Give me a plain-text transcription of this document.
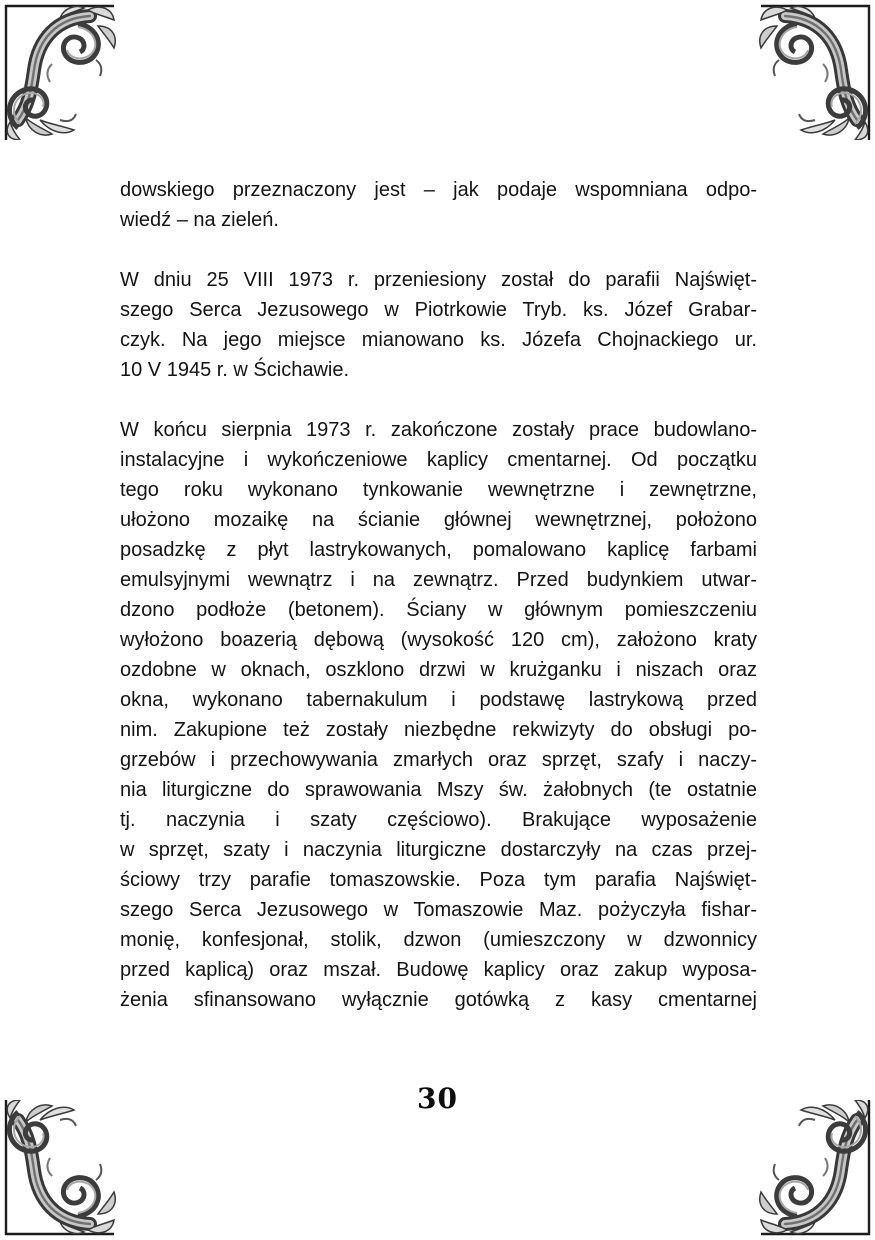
dowskiego przeznaczony jest – jak podaje wspomniana odpo-
wiedź – na zieleń.
W dniu 25 VIII 1973 r. przeniesiony został do parafii Najświęt-
szego Serca Jezusowego w Piotrkowie Tryb. ks. Józef Grabar-
czyk. Na jego miejsce mianowano ks. Józefa Chojnackiego ur.
10 V 1945 r. w Ścichawie.
W końcu sierpnia 1973 r. zakończone zostały prace budowlano-
instalacyjne i wykończeniowe kaplicy cmentarnej. Od początku
tego roku wykonano tynkowanie wewnętrzne i zewnętrzne,
ułożono mozaikę na ścianie głównej wewnętrznej, położono
posadzkę z płyt lastrykowanych, pomalowano kaplicę farbami
emulsyjnymi wewnątrz i na zewnątrz. Przed budynkiem utwar-
dzono podłoże (betonem). Ściany w głównym pomieszczeniu
wyłożono boazerią dębową (wysokość 120 cm), założono kraty
ozdobne w oknach, oszklono drzwi w krużganku i niszach oraz
okna, wykonano tabernakulum i podstawę lastrykową przed
nim. Zakupione też zostały niezbędne rekwizyty do obsługi po-
grzebów i przechowywania zmarłych oraz sprzęt, szafy i naczy-
nia liturgiczne do sprawowania Mszy św. żałobnych (te ostatnie
tj. naczynia i szaty częściowo). Brakujące wyposażenie
w sprzęt, szaty i naczynia liturgiczne dostarczyły na czas przej-
ściowy trzy parafie tomaszowskie. Poza tym parafia Najświęt-
szego Serca Jezusowego w Tomaszowie Maz. pożyczyła fishar-
monię, konfesjonał, stolik, dzwon (umieszczony w dzwonnicy
przed kaplicą) oraz mszał. Budowę kaplicy oraz zakup wyposa-
żenia sfinansowano wyłącznie gotówką z kasy cmentarnej
30
